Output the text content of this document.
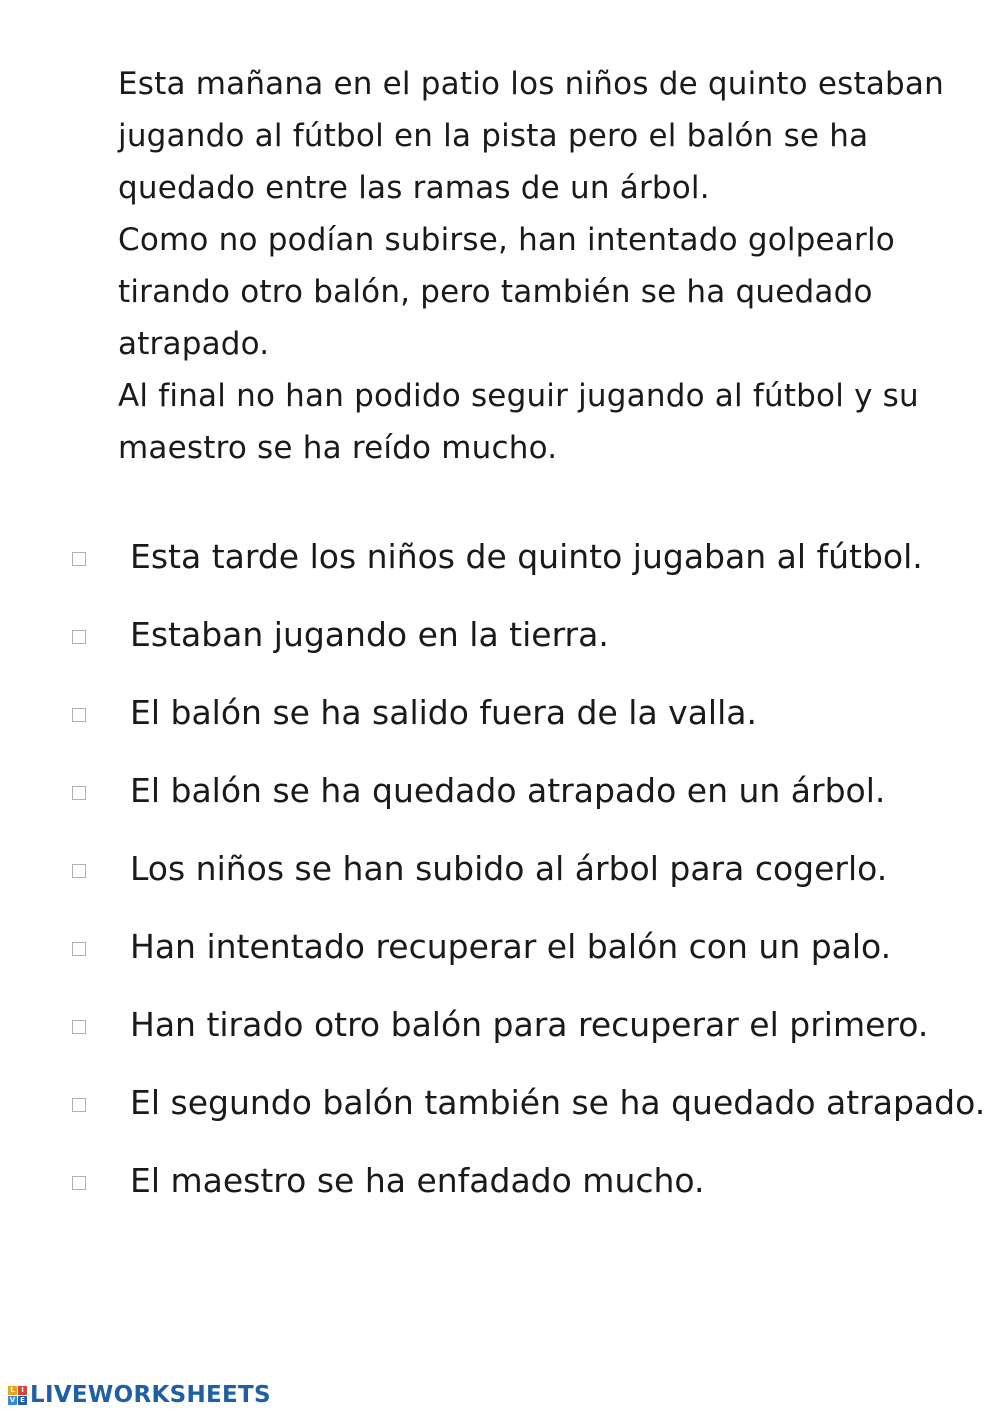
Esta mañana en el patio los niños de quinto estaban
jugando al fútbol en la pista pero el balón se ha
quedado entre las ramas de un árbol.
Como no podían subirse, han intentado golpearlo
tirando otro balón, pero también se ha quedado
atrapado.
Al final no han podido seguir jugando al fútbol y su
maestro se ha reído mucho.
Esta tarde los niños de quinto jugaban al fútbol.
Estaban jugando en la tierra.
El balón se ha salido fuera de la valla.
El balón se ha quedado atrapado en un árbol.
Los niños se han subido al árbol para cogerlo.
Han intentado recuperar el balón con un palo.
Han tirado otro balón para recuperar el primero.
El segundo balón también se ha quedado atrapado.
El maestro se ha enfadado mucho.
L I
V E LIVEWORKSHEETS
